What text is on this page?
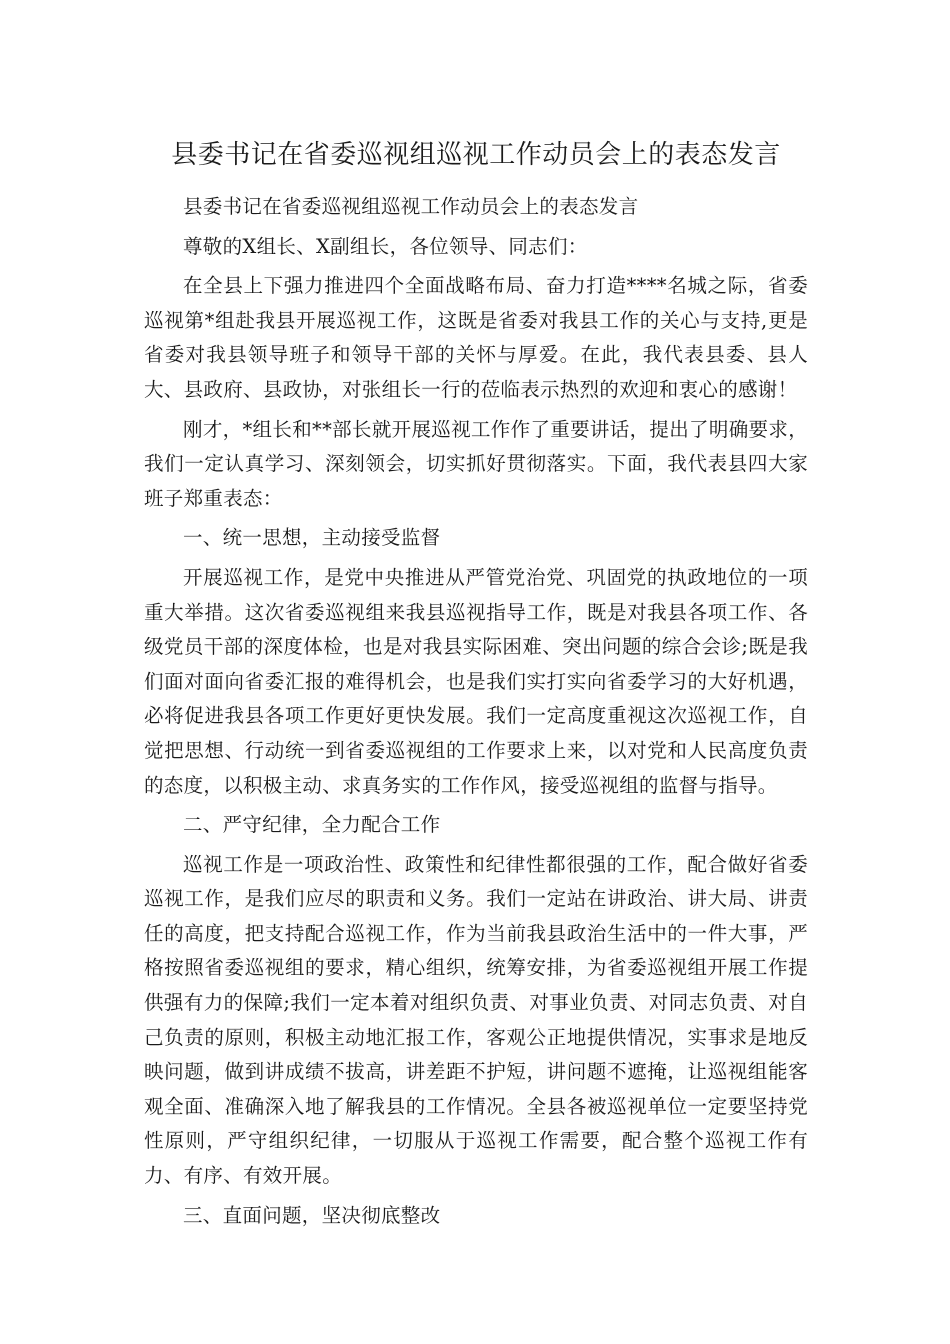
县委书记在省委巡视组巡视工作动员会上的表态发言

县委书记在省委巡视组巡视工作动员会上的表态发言

尊敬的X组长、X副组长，各位领导、同志们：

在全县上下强力推进四个全面战略布局、奋力打造****名城之际，省委巡视第*组赴我县开展巡视工作，这既是省委对我县工作的关心与支持,更是省委对我县领导班子和领导干部的关怀与厚爱。在此，我代表县委、县人大、县政府、县政协，对张组长一行的莅临表示热烈的欢迎和衷心的感谢！

刚才，*组长和**部长就开展巡视工作作了重要讲话，提出了明确要求，我们一定认真学习、深刻领会，切实抓好贯彻落实。下面，我代表县四大家班子郑重表态：

一、统一思想，主动接受监督

开展巡视工作，是党中央推进从严管党治党、巩固党的执政地位的一项重大举措。这次省委巡视组来我县巡视指导工作，既是对我县各项工作、各级党员干部的深度体检，也是对我县实际困难、突出问题的综合会诊;既是我们面对面向省委汇报的难得机会，也是我们实打实向省委学习的大好机遇，必将促进我县各项工作更好更快发展。我们一定高度重视这次巡视工作，自觉把思想、行动统一到省委巡视组的工作要求上来，以对党和人民高度负责的态度，以积极主动、求真务实的工作作风，接受巡视组的监督与指导。

二、严守纪律，全力配合工作

巡视工作是一项政治性、政策性和纪律性都很强的工作，配合做好省委巡视工作，是我们应尽的职责和义务。我们一定站在讲政治、讲大局、讲责任的高度，把支持配合巡视工作，作为当前我县政治生活中的一件大事，严格按照省委巡视组的要求，精心组织，统筹安排，为省委巡视组开展工作提供强有力的保障;我们一定本着对组织负责、对事业负责、对同志负责、对自己负责的原则，积极主动地汇报工作，客观公正地提供情况，实事求是地反映问题，做到讲成绩不拔高，讲差距不护短，讲问题不遮掩，让巡视组能客观全面、准确深入地了解我县的工作情况。全县各被巡视单位一定要坚持党性原则，严守组织纪律，一切服从于巡视工作需要，配合整个巡视工作有力、有序、有效开展。

三、直面问题，坚决彻底整改
